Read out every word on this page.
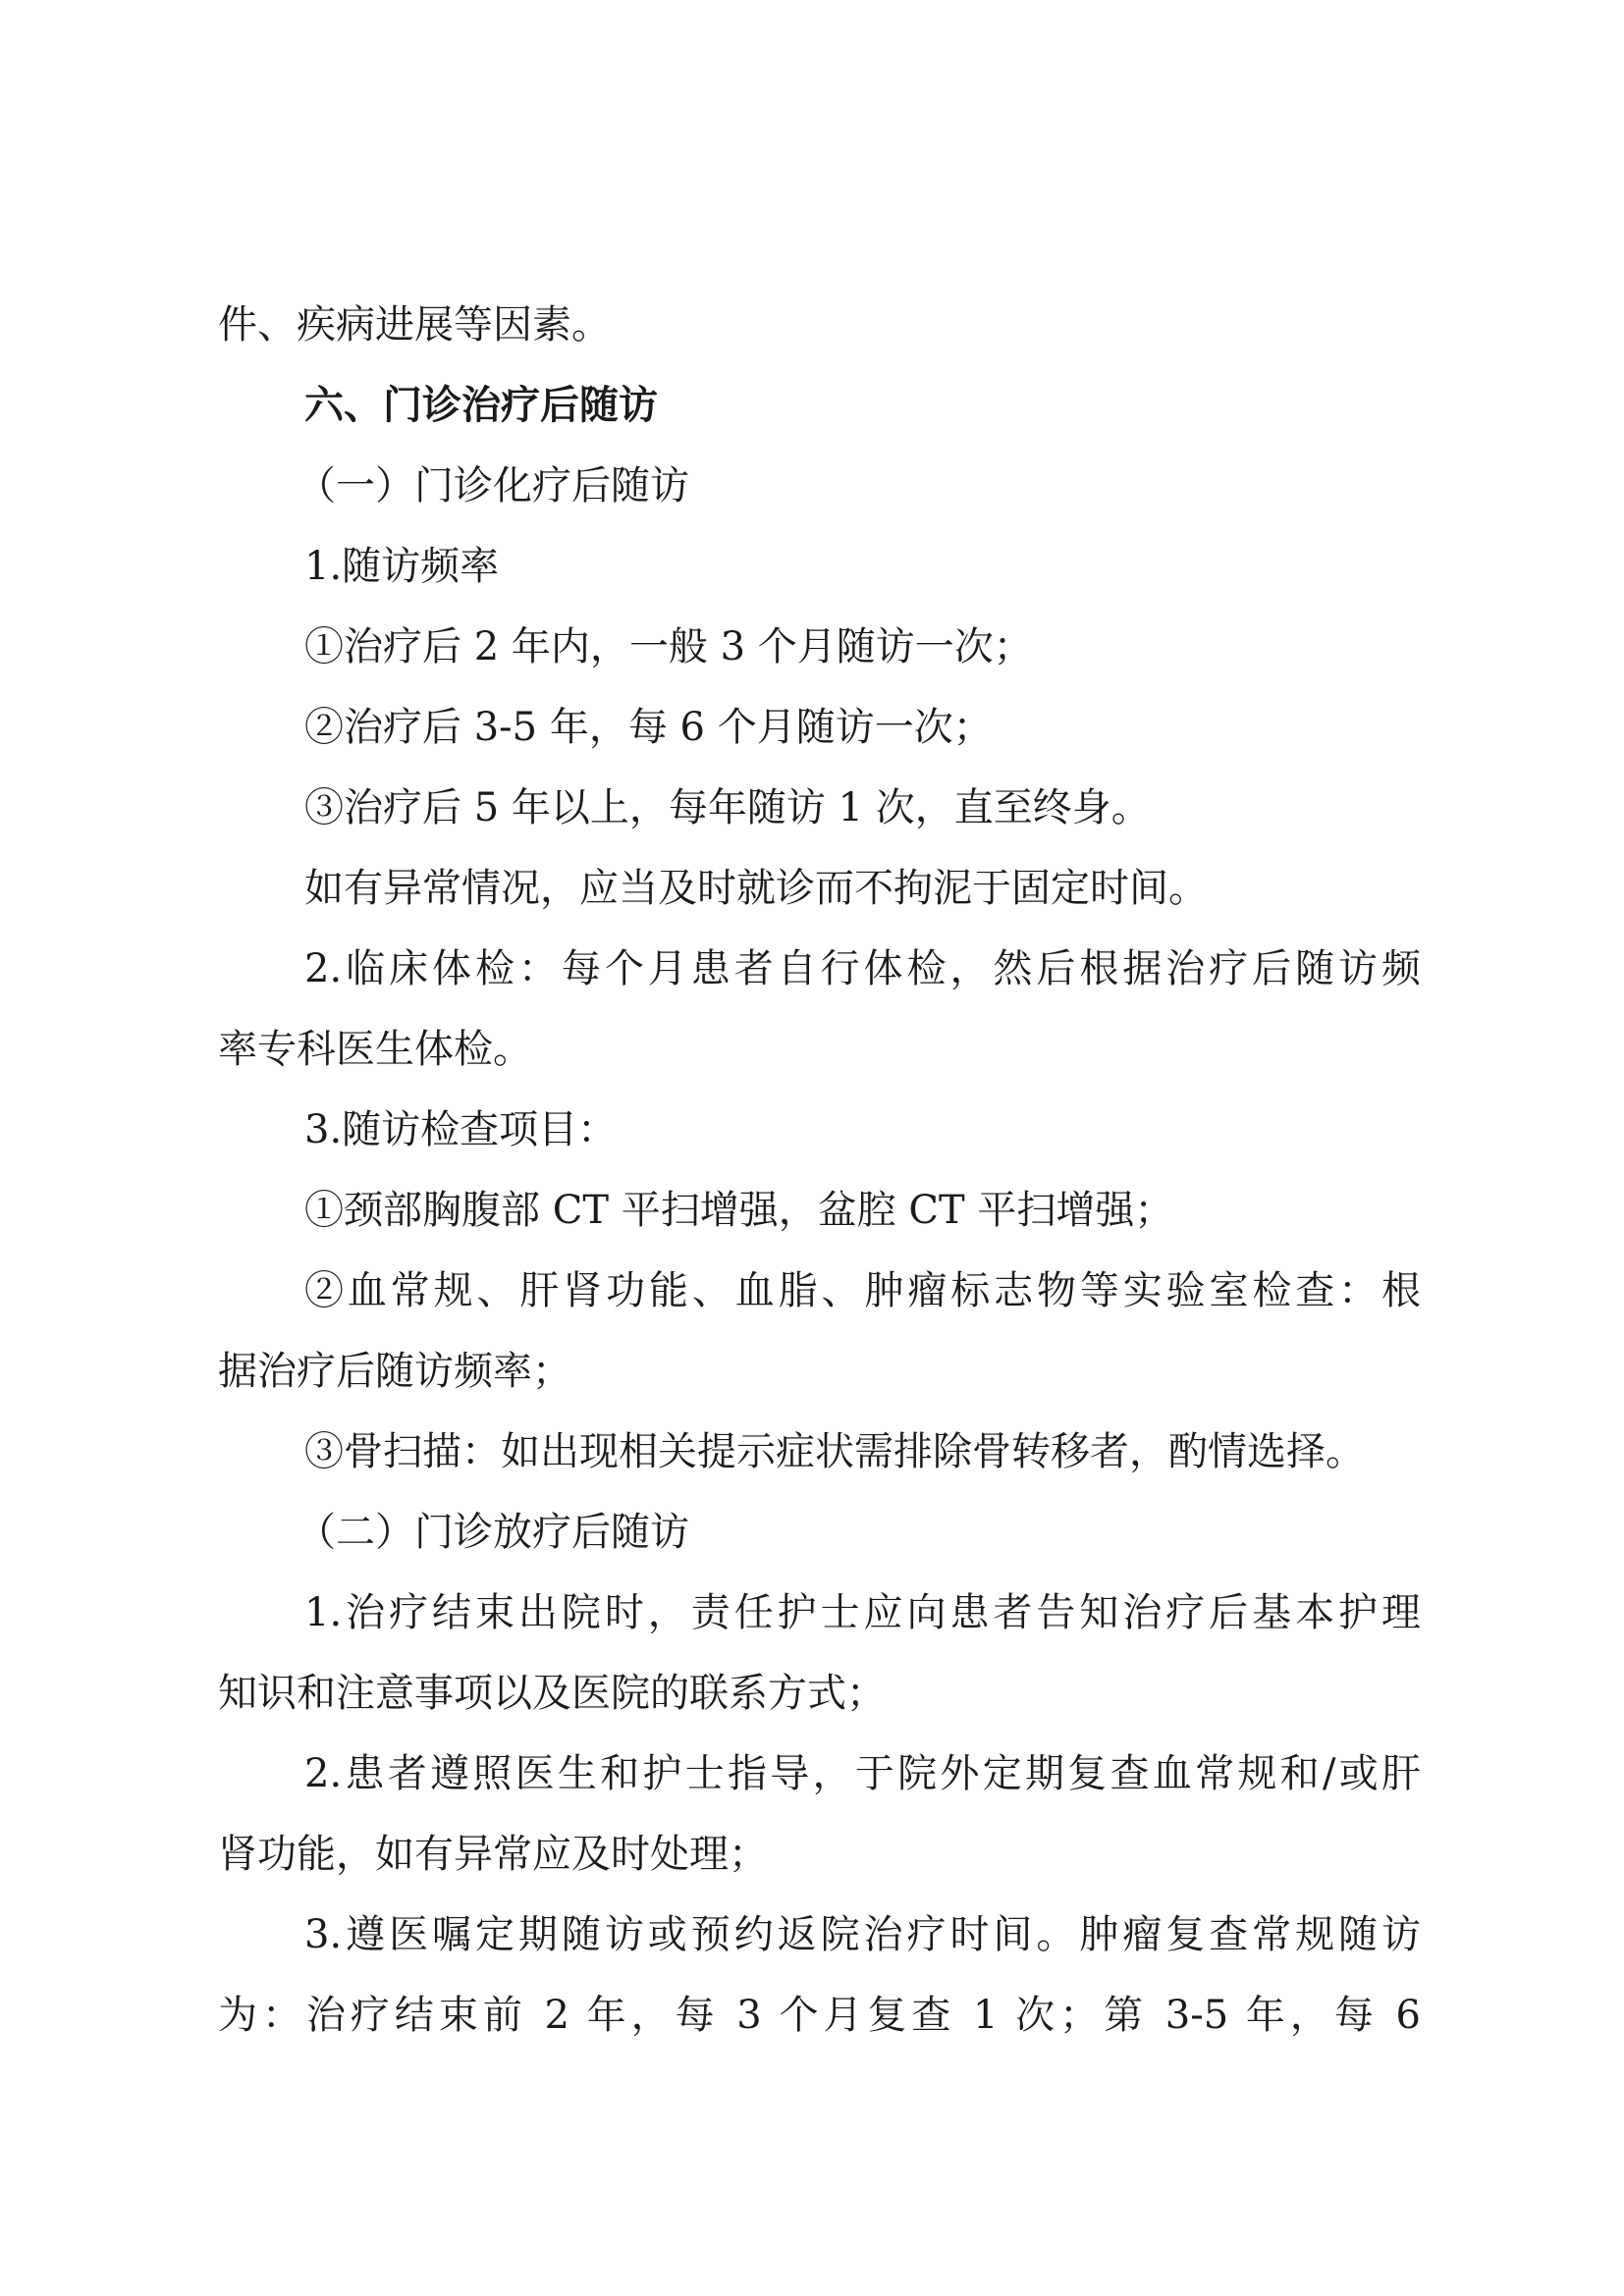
件、疾病进展等因素。
六、门诊治疗后随访
（一）门诊化疗后随访
1.随访频率
①治疗后 2 年内，一般 3 个月随访一次；
②治疗后 3-5 年，每 6 个月随访一次；
③治疗后 5 年以上，每年随访 1 次，直至终身。
如有异常情况，应当及时就诊而不拘泥于固定时间。
2.临床体检：每个月患者自行体检，然后根据治疗后随访频
率专科医生体检。
3.随访检查项目：
①颈部胸腹部 CT 平扫增强，盆腔 CT 平扫增强；
②血常规、肝肾功能、血脂、肿瘤标志物等实验室检查：根
据治疗后随访频率；
③骨扫描：如出现相关提示症状需排除骨转移者，酌情选择。
（二）门诊放疗后随访
1.治疗结束出院时，责任护士应向患者告知治疗后基本护理
知识和注意事项以及医院的联系方式；
2.患者遵照医生和护士指导，于院外定期复查血常规和/或肝
肾功能，如有异常应及时处理；
3.遵医嘱定期随访或预约返院治疗时间。肿瘤复查常规随访
为：治疗结束前 2 年，每 3 个月复查 1 次；第 3-5 年，每 6
